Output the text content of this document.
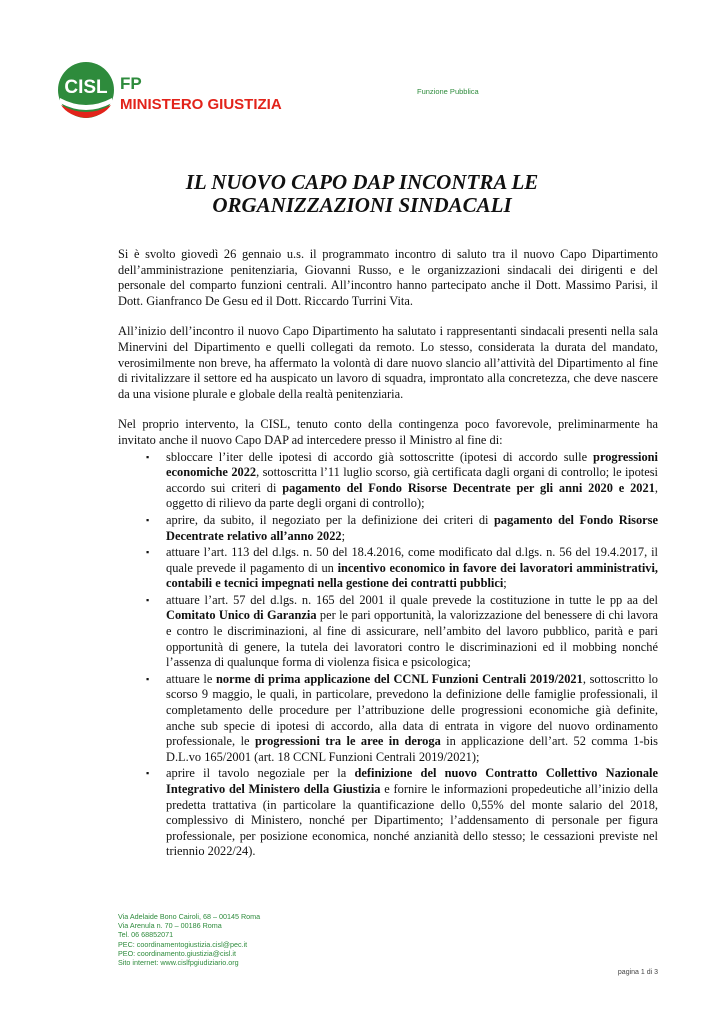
CISL FP
MINISTERO GIUSTIZIA
Funzione Pubblica
IL NUOVO CAPO DAP INCONTRA LE
ORGANIZZAZIONI SINDACALI

Si è svolto giovedì 26 gennaio u.s. il programmato incontro di saluto tra il nuovo Capo Dipartimento dell’amministrazione penitenziaria, Giovanni Russo, e le organizzazioni sindacali dei dirigenti e del personale del comparto funzioni centrali. All’incontro hanno partecipato anche il Dott. Massimo Parisi, il Dott. Gianfranco De Gesu ed il Dott. Riccardo Turrini Vita.

All’inizio dell’incontro il nuovo Capo Dipartimento ha salutato i rappresentanti sindacali presenti nella sala Minervini del Dipartimento e quelli collegati da remoto. Lo stesso, considerata la durata del mandato, verosimilmente non breve, ha affermato la volontà di dare nuovo slancio all’attività del Dipartimento al fine di rivitalizzare il settore ed ha auspicato un lavoro di squadra, improntato alla concretezza, che deve nascere da una visione plurale e globale della realtà penitenziaria.

Nel proprio intervento, la CISL, tenuto conto della contingenza poco favorevole, preliminarmente ha invitato anche il nuovo Capo DAP ad intercedere presso il Ministro al fine di:

▪ sbloccare l’iter delle ipotesi di accordo già sottoscritte (ipotesi di accordo sulle progressioni economiche 2022, sottoscritta l’11 luglio scorso, già certificata dagli organi di controllo; le ipotesi accordo sui criteri di pagamento del Fondo Risorse Decentrate per gli anni 2020 e 2021, oggetto di rilievo da parte degli organi di controllo);
▪ aprire, da subito, il negoziato per la definizione dei criteri di pagamento del Fondo Risorse Decentrate relativo all’anno 2022;
▪ attuare l’art. 113 del d.lgs. n. 50 del 18.4.2016, come modificato dal d.lgs. n. 56 del 19.4.2017, il quale prevede il pagamento di un incentivo economico in favore dei lavoratori amministrativi, contabili e tecnici impegnati nella gestione dei contratti pubblici;
▪ attuare l’art. 57 del d.lgs. n. 165 del 2001 il quale prevede la costituzione in tutte le pp aa del Comitato Unico di Garanzia per le pari opportunità, la valorizzazione del benessere di chi lavora e contro le discriminazioni, al fine di assicurare, nell’ambito del lavoro pubblico, parità e pari opportunità di genere, la tutela dei lavoratori contro le discriminazioni ed il mobbing nonché l’assenza di qualunque forma di violenza fisica e psicologica;
▪ attuare le norme di prima applicazione del CCNL Funzioni Centrali 2019/2021, sottoscritto lo scorso 9 maggio, le quali, in particolare, prevedono la definizione delle famiglie professionali, il completamento delle procedure per l’attribuzione delle progressioni economiche già definite, anche sub specie di ipotesi di accordo, alla data di entrata in vigore del nuovo ordinamento professionale, le progressioni tra le aree in deroga in applicazione dell’art. 52 comma 1-bis D.L.vo 165/2001 (art. 18 CCNL Funzioni Centrali 2019/2021);
▪ aprire il tavolo negoziale per la definizione del nuovo Contratto Collettivo Nazionale Integrativo del Ministero della Giustizia e fornire le informazioni propedeutiche all’inizio della predetta trattativa (in particolare la quantificazione dello 0,55% del monte salario del 2018, complessivo di Ministero, nonché per Dipartimento; l’addensamento di personale per figura professionale, per posizione economica, nonché anzianità dello stesso; le cessazioni previste nel triennio 2022/24).
Via Adelaide Bono Cairoli, 68 – 00145 Roma
Via Arenula n. 70 – 00186 Roma
Tel. 06 68852071
PEC: coordinamentogiustizia.cisl@pec.it
PEO: coordinamento.giustizia@cisl.it
Sito internet: www.cislfpgiudiziario.org
pagina 1 di 3
